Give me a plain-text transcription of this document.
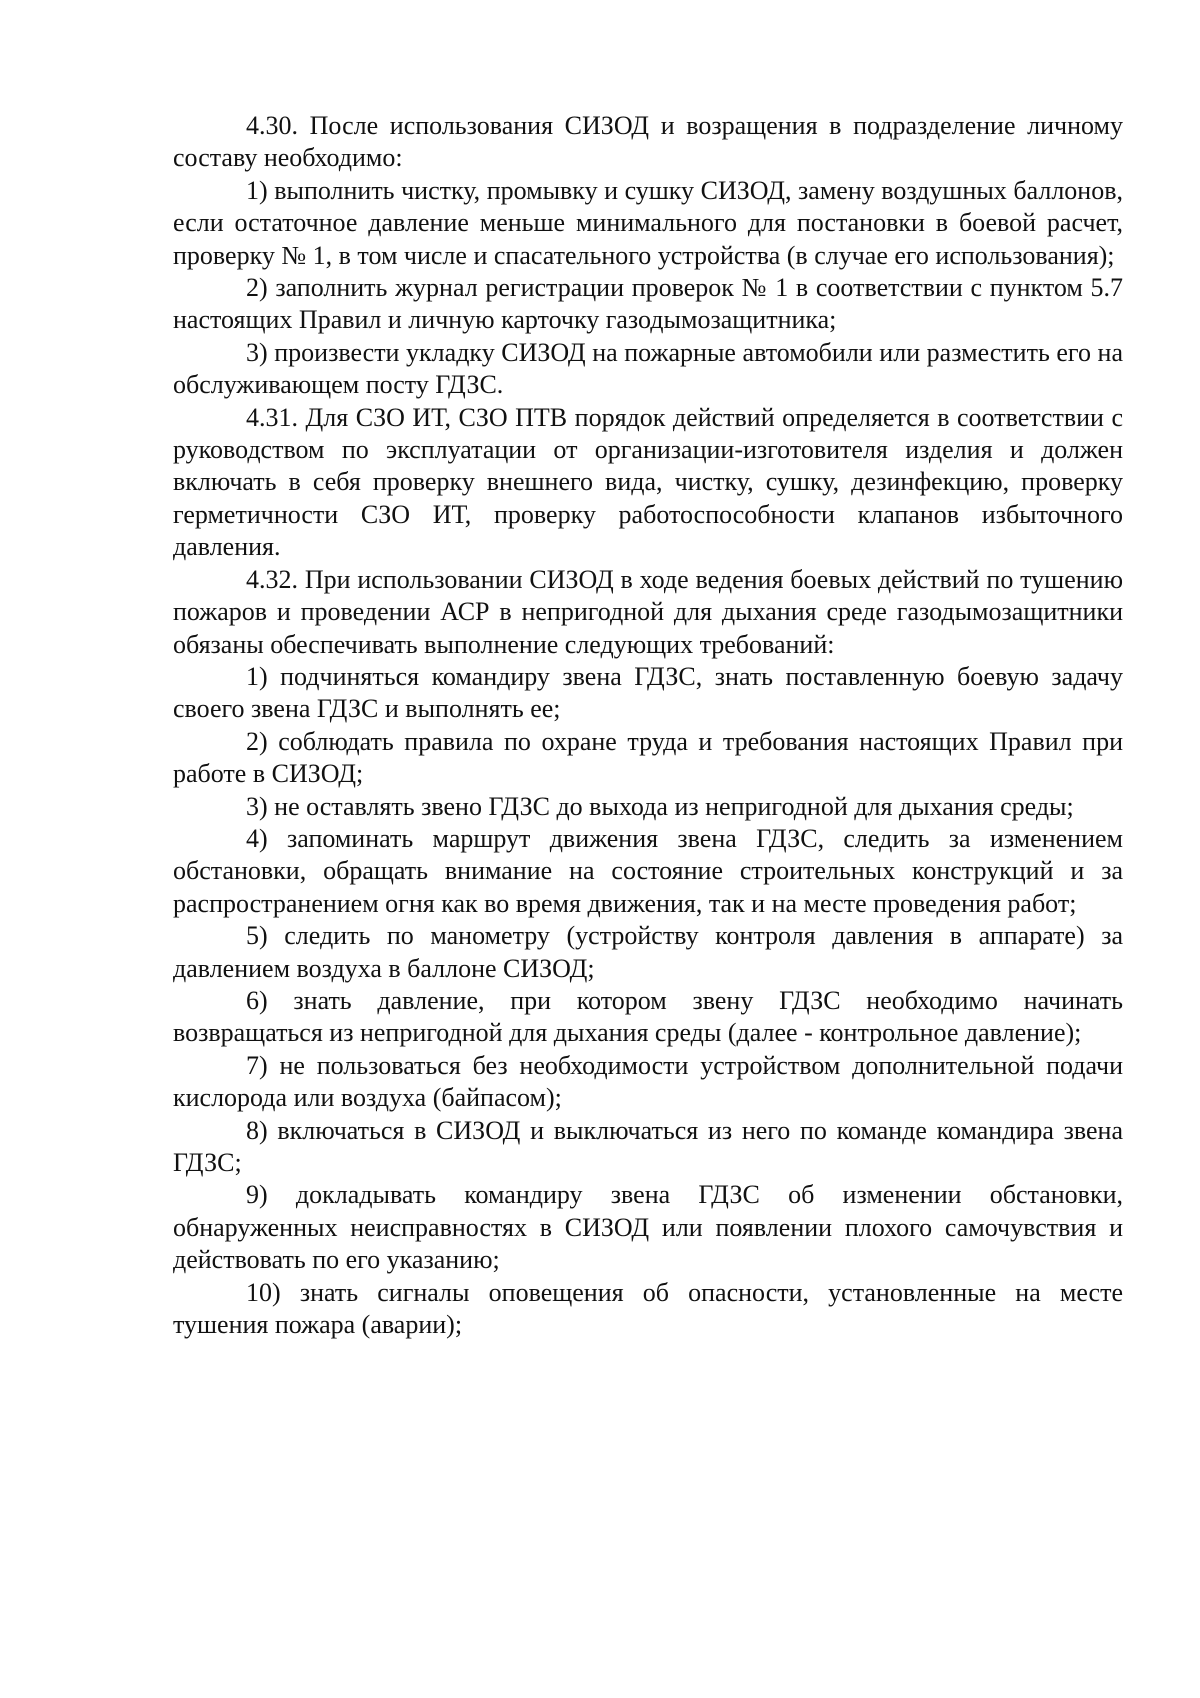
4.30. После использования СИЗОД и возращения в подразделение личному составу необходимо:

1) выполнить чистку, промывку и сушку СИЗОД, замену воздушных баллонов, если остаточное давление меньше минимального для постановки в боевой расчет, проверку № 1, в том числе и спасательного устройства (в случае его использования);

2) заполнить журнал регистрации проверок № 1 в соответствии с пунктом 5.7 настоящих Правил и личную карточку газодымозащитника;

3) произвести укладку СИЗОД на пожарные автомобили или разместить его на обслуживающем посту ГДЗС.

4.31. Для СЗО ИТ, СЗО ПТВ порядок действий определяется в соответствии с руководством по эксплуатации от организации-изготовителя изделия и должен включать в себя проверку внешнего вида, чистку, сушку, дезинфекцию, проверку герметичности СЗО ИТ, проверку работоспособности клапанов избыточного давления.

4.32. При использовании СИЗОД в ходе ведения боевых действий по тушению пожаров и проведении АСР в непригодной для дыхания среде газодымозащитники обязаны обеспечивать выполнение следующих требований:

1) подчиняться командиру звена ГДЗС, знать поставленную боевую задачу своего звена ГДЗС и выполнять ее;

2) соблюдать правила по охране труда и требования настоящих Правил при работе в СИЗОД;

3) не оставлять звено ГДЗС до выхода из непригодной для дыхания среды;

4) запоминать маршрут движения звена ГДЗС, следить за изменением обстановки, обращать внимание на состояние строительных конструкций и за распространением огня как во время движения, так и на месте проведения работ;

5) следить по манометру (устройству контроля давления в аппарате) за давлением воздуха в баллоне СИЗОД;

6) знать давление, при котором звену ГДЗС необходимо начинать возвращаться из непригодной для дыхания среды (далее - контрольное давление);

7) не пользоваться без необходимости устройством дополнительной подачи кислорода или воздуха (байпасом);

8) включаться в СИЗОД и выключаться из него по команде командира звена ГДЗС;

9) докладывать командиру звена ГДЗС об изменении обстановки, обнаруженных неисправностях в СИЗОД или появлении плохого самочувствия и действовать по его указанию;

10) знать сигналы оповещения об опасности, установленные на месте тушения пожара (аварии);
